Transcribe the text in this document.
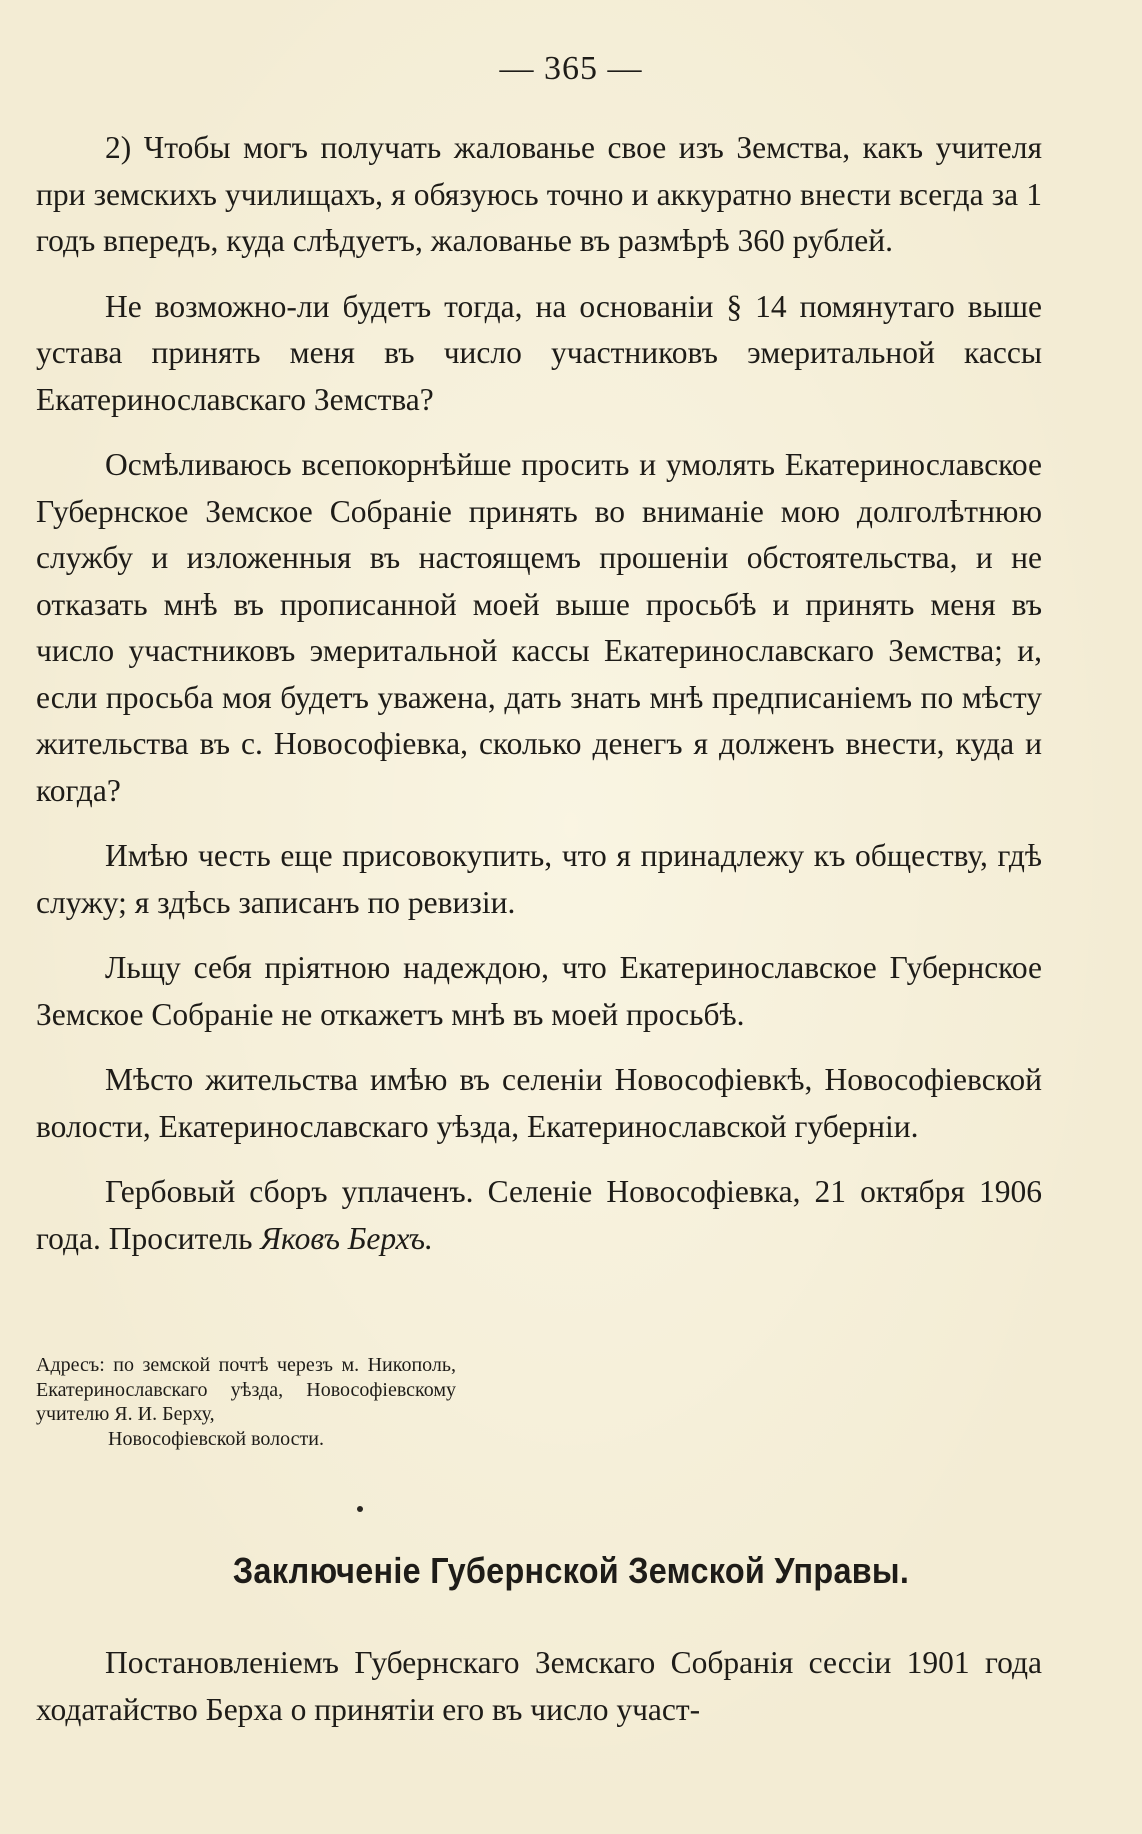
— 365 —

2) Чтобы могъ получать жалованье свое изъ Земства, какъ учителя при земскихъ училищахъ, я обязуюсь точно и аккуратно внести всегда за 1 годъ впередъ, куда слѣдуетъ, жалованье въ размѣрѣ 360 рублей.

Не возможно-ли будетъ тогда, на основаніи § 14 помянутаго выше устава принять меня въ число участниковъ эмеритальной кассы Екатеринославскаго Земства?

Осмѣливаюсь всепокорнѣйше просить и умолять Екатеринославское Губернское Земское Собраніе принять во вниманіе мою долголѣтнюю службу и изложенныя въ настоящемъ прошеніи обстоятельства, и не отказать мнѣ въ прописанной моей выше просьбѣ и принять меня въ число участниковъ эмеритальной кассы Екатеринославскаго Земства; и, если просьба моя будетъ уважена, дать знать мнѣ предписаніемъ по мѣсту жительства въ с. Новософіевка, сколько денегъ я долженъ внести, куда и когда?

Имѣю честь еще присовокупить, что я принадлежу къ обществу, гдѣ служу; я здѣсь записанъ по ревизіи.

Льщу себя пріятною надеждою, что Екатеринославское Губернское Земское Собраніе не откажетъ мнѣ въ моей просьбѣ.

Мѣсто жительства имѣю въ селеніи Новософіевкѣ, Новософіевской волости, Екатеринославскаго уѣзда, Екатеринославской губерніи.

Гербовый сборъ уплаченъ. Селеніе Новософіевка, 21 октября 1906 года. Проситель Яковъ Берхъ.

Адресъ: по земской почтѣ черезъ м. Никополь, Екатеринославскаго уѣзда, Новософіевскому учителю Я. И. Берху,

Новософіевской волости.

Заключеніе Губернской Земской Управы.

Постановленіемъ Губернскаго Земскаго Собранія сессіи 1901 года ходатайство Берха о принятіи его въ число участ-
